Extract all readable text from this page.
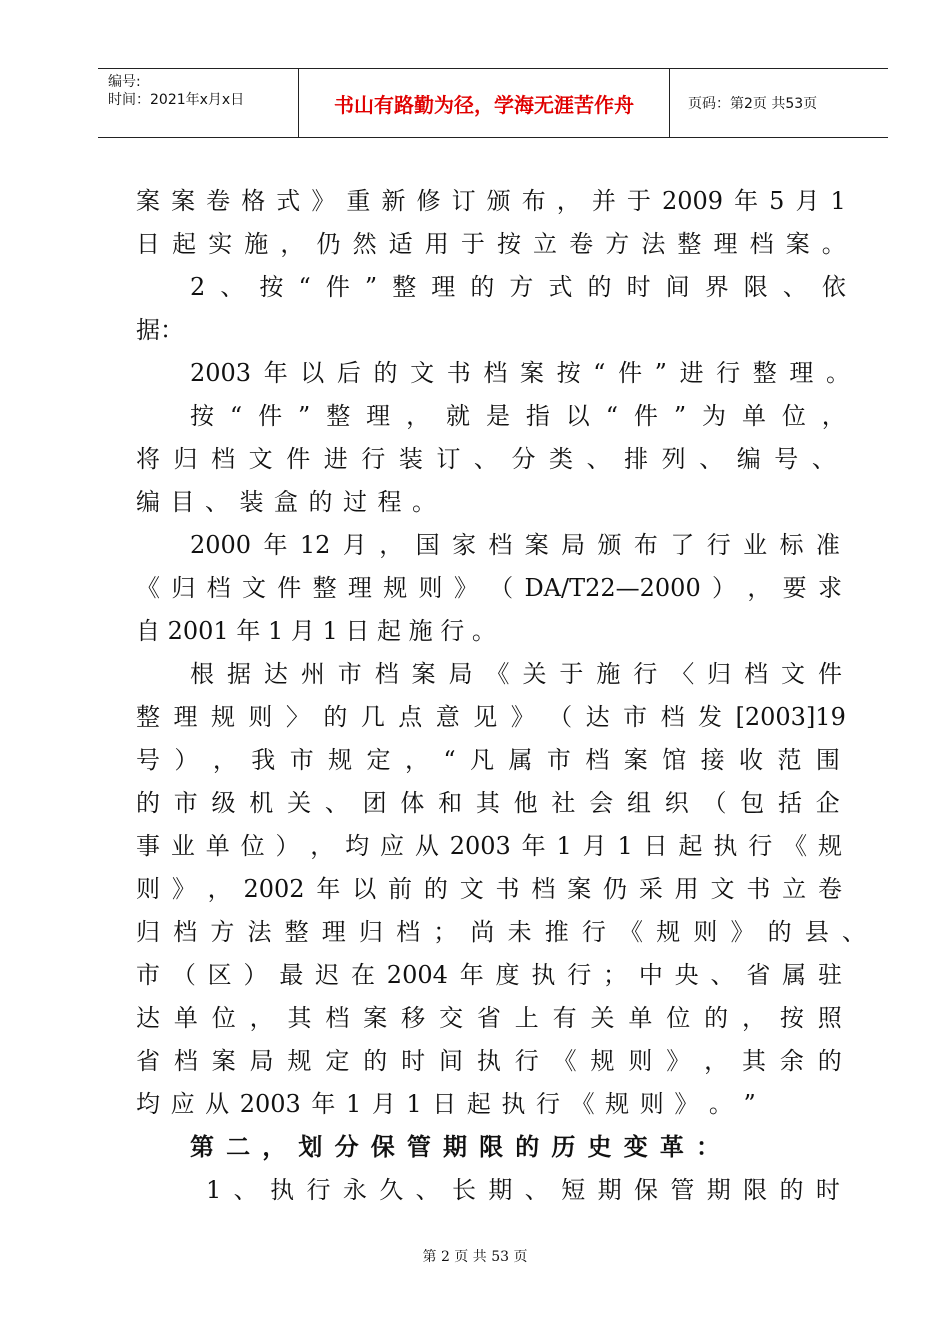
编号:
时间：2021年x月x日	书山有路勤为径，学海无涯苦作舟	页码：第2页 共53页
案 案 卷 格 式 》 重 新 修 订 颁 布 ， 并 于 2009 年 5 月 1
日 起 实 施 ， 仍 然 适 用 于 按 立 卷 方 法 整 理 档 案 。
2 、 按 “ 件 ” 整 理 的 方 式 的 时 间 界 限 、 依
据 ：
2003 年 以 后 的 文 书 档 案 按 “ 件 ” 进 行 整 理 。
按 “ 件 ” 整 理 ， 就 是 指 以 “ 件 ” 为 单 位 ，
将 归 档 文 件 进 行 装 订 、 分 类 、 排 列 、 编 号 、
编 目 、 装 盒 的 过 程 。
2000 年 12 月 ， 国 家 档 案 局 颁 布 了 行 业 标 准
《 归 档 文 件 整 理 规 则 》 （ DA/T22—2000 ） ， 要 求
自 2001 年 1 月 1 日 起 施 行 。
根 据 达 州 市 档 案 局 《 关 于 施 行 〈 归 档 文 件
整 理 规 则 〉 的 几 点 意 见 》 （ 达 市 档 发 [2003]19
号 ） ， 我 市 规 定 ， “ 凡 属 市 档 案 馆 接 收 范 围
的 市 级 机 关 、 团 体 和 其 他 社 会 组 织 （ 包 括 企
事 业 单 位 ） ， 均 应 从 2003 年 1 月 1 日 起 执 行 《 规
则 》 ， 2002 年 以 前 的 文 书 档 案 仍 采 用 文 书 立 卷
归 档 方 法 整 理 归 档 ； 尚 未 推 行 《 规 则 》 的 县 、
市 （ 区 ） 最 迟 在 2004 年 度 执 行 ； 中 央 、 省 属 驻
达 单 位 ， 其 档 案 移 交 省 上 有 关 单 位 的 ， 按 照
省 档 案 局 规 定 的 时 间 执 行 《 规 则 》 ， 其 余 的
均 应 从 2003 年 1 月 1 日 起 执 行 《 规 则 》 。 ”
第 二 ， 划 分 保 管 期 限 的 历 史 变 革 ：
1 、 执 行 永 久 、 长 期 、 短 期 保 管 期 限 的 时
第 2 页 共 53 页
